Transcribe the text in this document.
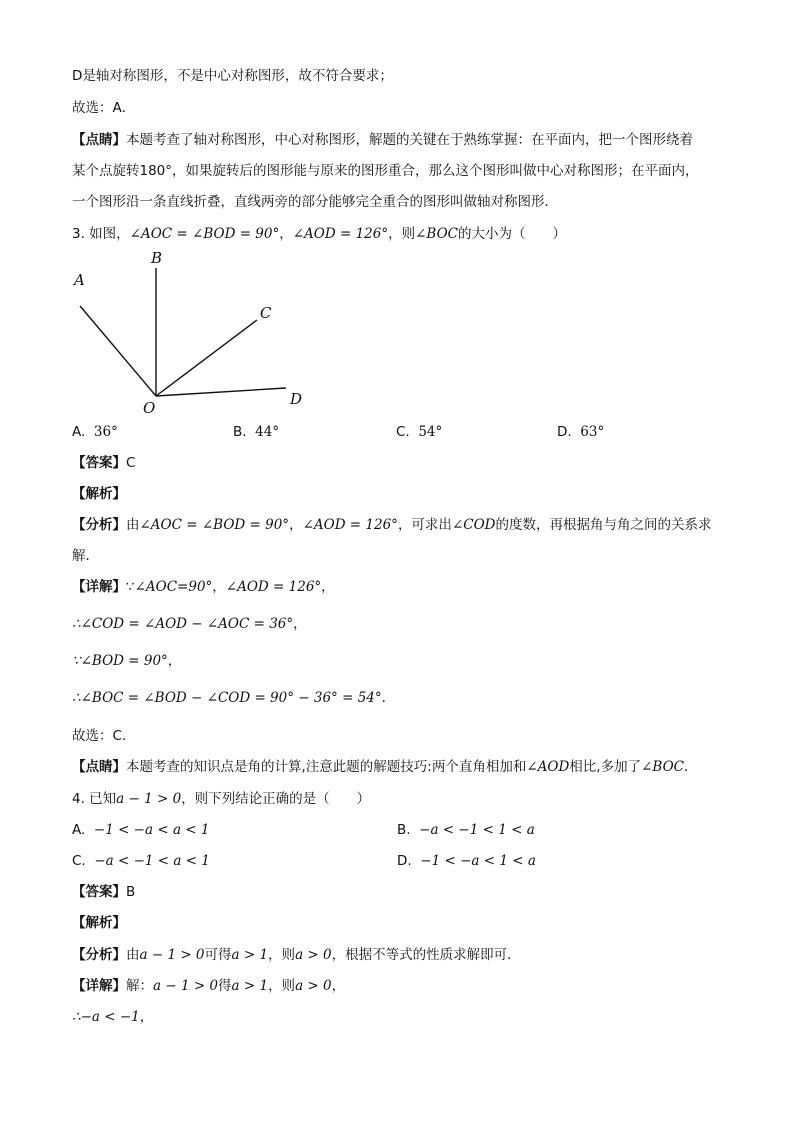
D是轴对称图形，不是中心对称图形，故不符合要求；
故选：A．
【点睛】本题考查了轴对称图形，中心对称图形，解题的关键在于熟练掌握：在平面内，把一个图形绕着
某个点旋转180°，如果旋转后的图形能与原来的图形重合，那么这个图形叫做中心对称图形；在平面内，
一个图形沿一条直线折叠，直线两旁的部分能够完全重合的图形叫做轴对称图形．
3. 如图，∠AOC = ∠BOD = 90°，∠AOD = 126°，则∠BOC的大小为（　　）
A
B
C
D
O
A. 36°	B. 44°	C. 54°	D. 63°
【答案】C
【解析】
【分析】由∠AOC = ∠BOD = 90°，∠AOD = 126°，可求出∠COD的度数，再根据角与角之间的关系求
解．
【详解】∵∠AOC=90°，∠AOD = 126°，
∴∠COD = ∠AOD − ∠AOC = 36°，
∵∠BOD = 90°，
∴∠BOC = ∠BOD − ∠COD = 90° − 36° = 54°．
故选：C．
【点睛】本题考查的知识点是角的计算,注意此题的解题技巧:两个直角相加和∠AOD相比,多加了∠BOC．
4. 已知a − 1 > 0，则下列结论正确的是（　　）
A. −1 < −a < a < 1	B. −a < −1 < 1 < a
C. −a < −1 < a < 1	D. −1 < −a < 1 < a
【答案】B
【解析】
【分析】由a − 1 > 0可得a > 1，则a > 0，根据不等式的性质求解即可．
【详解】解：a − 1 > 0得a > 1，则a > 0，
∴−a < −1，
